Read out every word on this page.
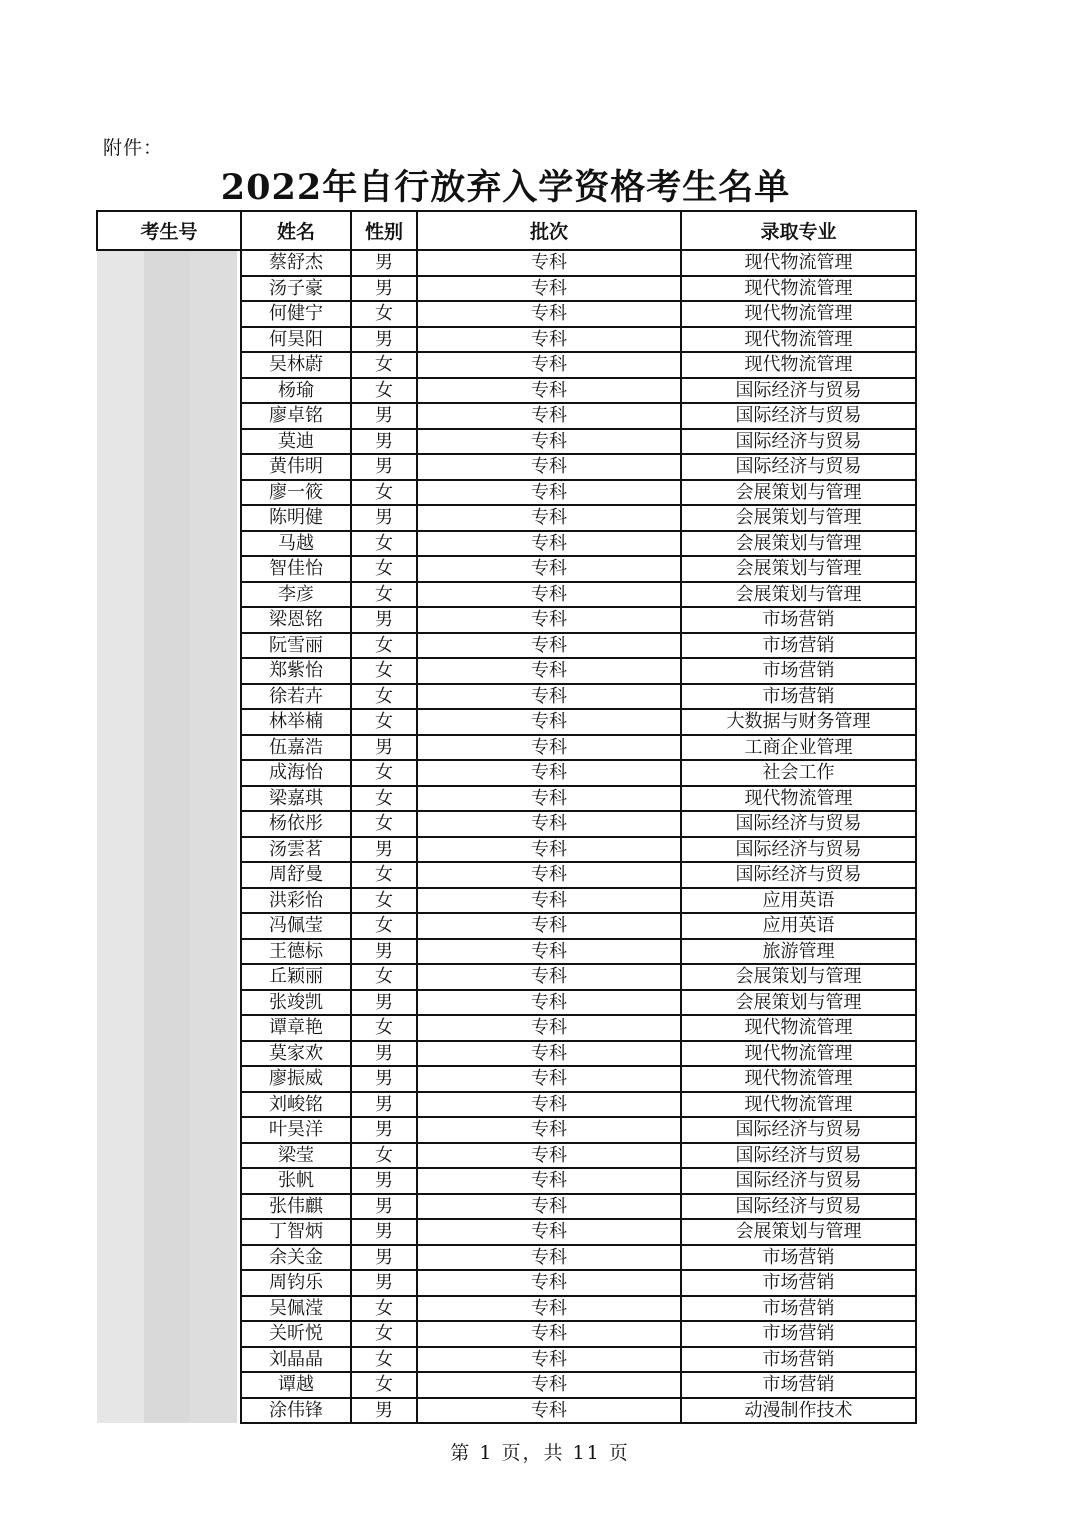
附件：
2022年自行放弃入学资格考生名单
考生号	姓名	性别	批次	录取专业

	蔡舒杰	男	专科	现代物流管理
	汤子豪	男	专科	现代物流管理
	何健宁	女	专科	现代物流管理
	何昊阳	男	专科	现代物流管理
	吴林蔚	女	专科	现代物流管理
	杨瑜	女	专科	国际经济与贸易
	廖卓铭	男	专科	国际经济与贸易
	莫迪	男	专科	国际经济与贸易
	黄伟明	男	专科	国际经济与贸易
	廖一筱	女	专科	会展策划与管理
	陈明健	男	专科	会展策划与管理
	马越	女	专科	会展策划与管理
	智佳怡	女	专科	会展策划与管理
	李彦	女	专科	会展策划与管理
	梁恩铭	男	专科	市场营销
	阮雪丽	女	专科	市场营销
	郑紫怡	女	专科	市场营销
	徐若卉	女	专科	市场营销
	林举楠	女	专科	大数据与财务管理
	伍嘉浩	男	专科	工商企业管理
	成海怡	女	专科	社会工作
	梁嘉琪	女	专科	现代物流管理
	杨依彤	女	专科	国际经济与贸易
	汤雲茗	男	专科	国际经济与贸易
	周舒曼	女	专科	国际经济与贸易
	洪彩怡	女	专科	应用英语
	冯佩莹	女	专科	应用英语
	王德标	男	专科	旅游管理
	丘颖丽	女	专科	会展策划与管理
	张竣凯	男	专科	会展策划与管理
	谭章艳	女	专科	现代物流管理
	莫家欢	男	专科	现代物流管理
	廖振威	男	专科	现代物流管理
	刘峻铭	男	专科	现代物流管理
	叶昊洋	男	专科	国际经济与贸易
	梁莹	女	专科	国际经济与贸易
	张帆	男	专科	国际经济与贸易
	张伟麒	男	专科	国际经济与贸易
	丁智炳	男	专科	会展策划与管理
	余关金	男	专科	市场营销
	周钧乐	男	专科	市场营销
	吴佩滢	女	专科	市场营销
	关昕悦	女	专科	市场营销
	刘晶晶	女	专科	市场营销
	谭越	女	专科	市场营销
	涂伟锋	男	专科	动漫制作技术
第 1 页，共 11 页
